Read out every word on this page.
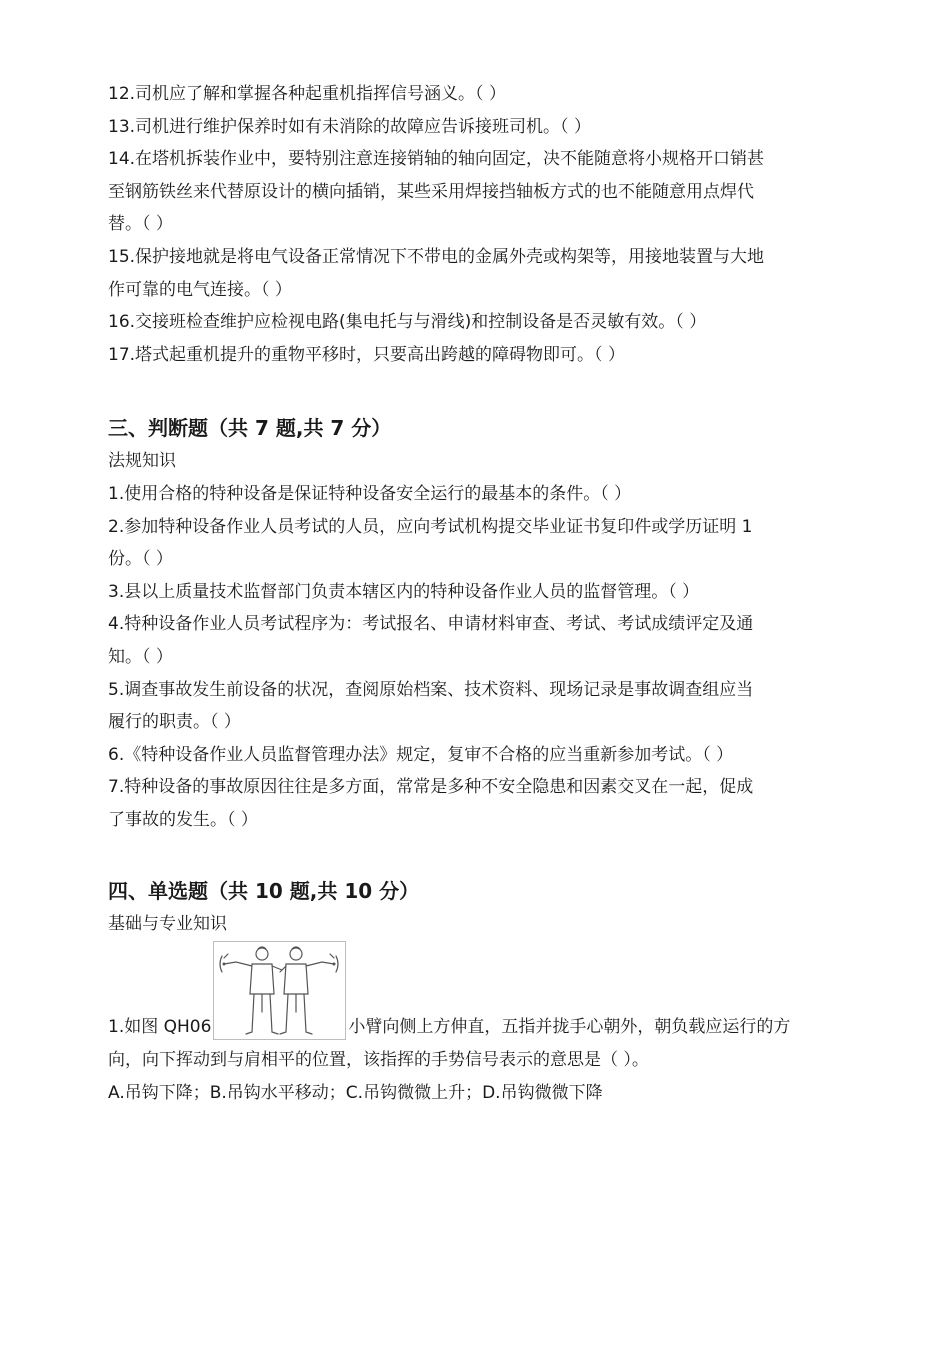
12.司机应了解和掌握各种起重机指挥信号涵义。（ ）
13.司机进行维护保养时如有未消除的故障应告诉接班司机。（ ）
14.在塔机拆装作业中，要特别注意连接销轴的轴向固定，决不能随意将小规格开口销甚
至钢筋铁丝来代替原设计的横向插销，某些采用焊接挡轴板方式的也不能随意用点焊代
替。（ ）
15.保护接地就是将电气设备正常情况下不带电的金属外壳或构架等，用接地装置与大地
作可靠的电气连接。（ ）
16.交接班检查维护应检视电路(集电托与与滑线)和控制设备是否灵敏有效。（ ）
17.塔式起重机提升的重物平移时，只要高出跨越的障碍物即可。（ ）
三、判断题（共 7 题,共 7 分）
法规知识
1.使用合格的特种设备是保证特种设备安全运行的最基本的条件。（ ）
2.参加特种设备作业人员考试的人员，应向考试机构提交毕业证书复印件或学历证明 1
份。（ ）
3.县以上质量技术监督部门负责本辖区内的特种设备作业人员的监督管理。（ ）
4.特种设备作业人员考试程序为：考试报名、申请材料审查、考试、考试成绩评定及通
知。（ ）
5.调查事故发生前设备的状况，查阅原始档案、技术资料、现场记录是事故调查组应当
履行的职责。（ ）
6.《特种设备作业人员监督管理办法》规定，复审不合格的应当重新参加考试。（ ）
7.特种设备的事故原因往往是多方面，常常是多种不安全隐患和因素交叉在一起，促成
了事故的发生。（ ）
四、单选题（共 10 题,共 10 分）
基础与专业知识
1.如图 QH06	小臂向侧上方伸直，五指并拢手心朝外，朝负载应运行的方
向，向下挥动到与肩相平的位置，该指挥的手势信号表示的意思是（ ）。
A.吊钩下降；B.吊钩水平移动；C.吊钩微微上升；D.吊钩微微下降
